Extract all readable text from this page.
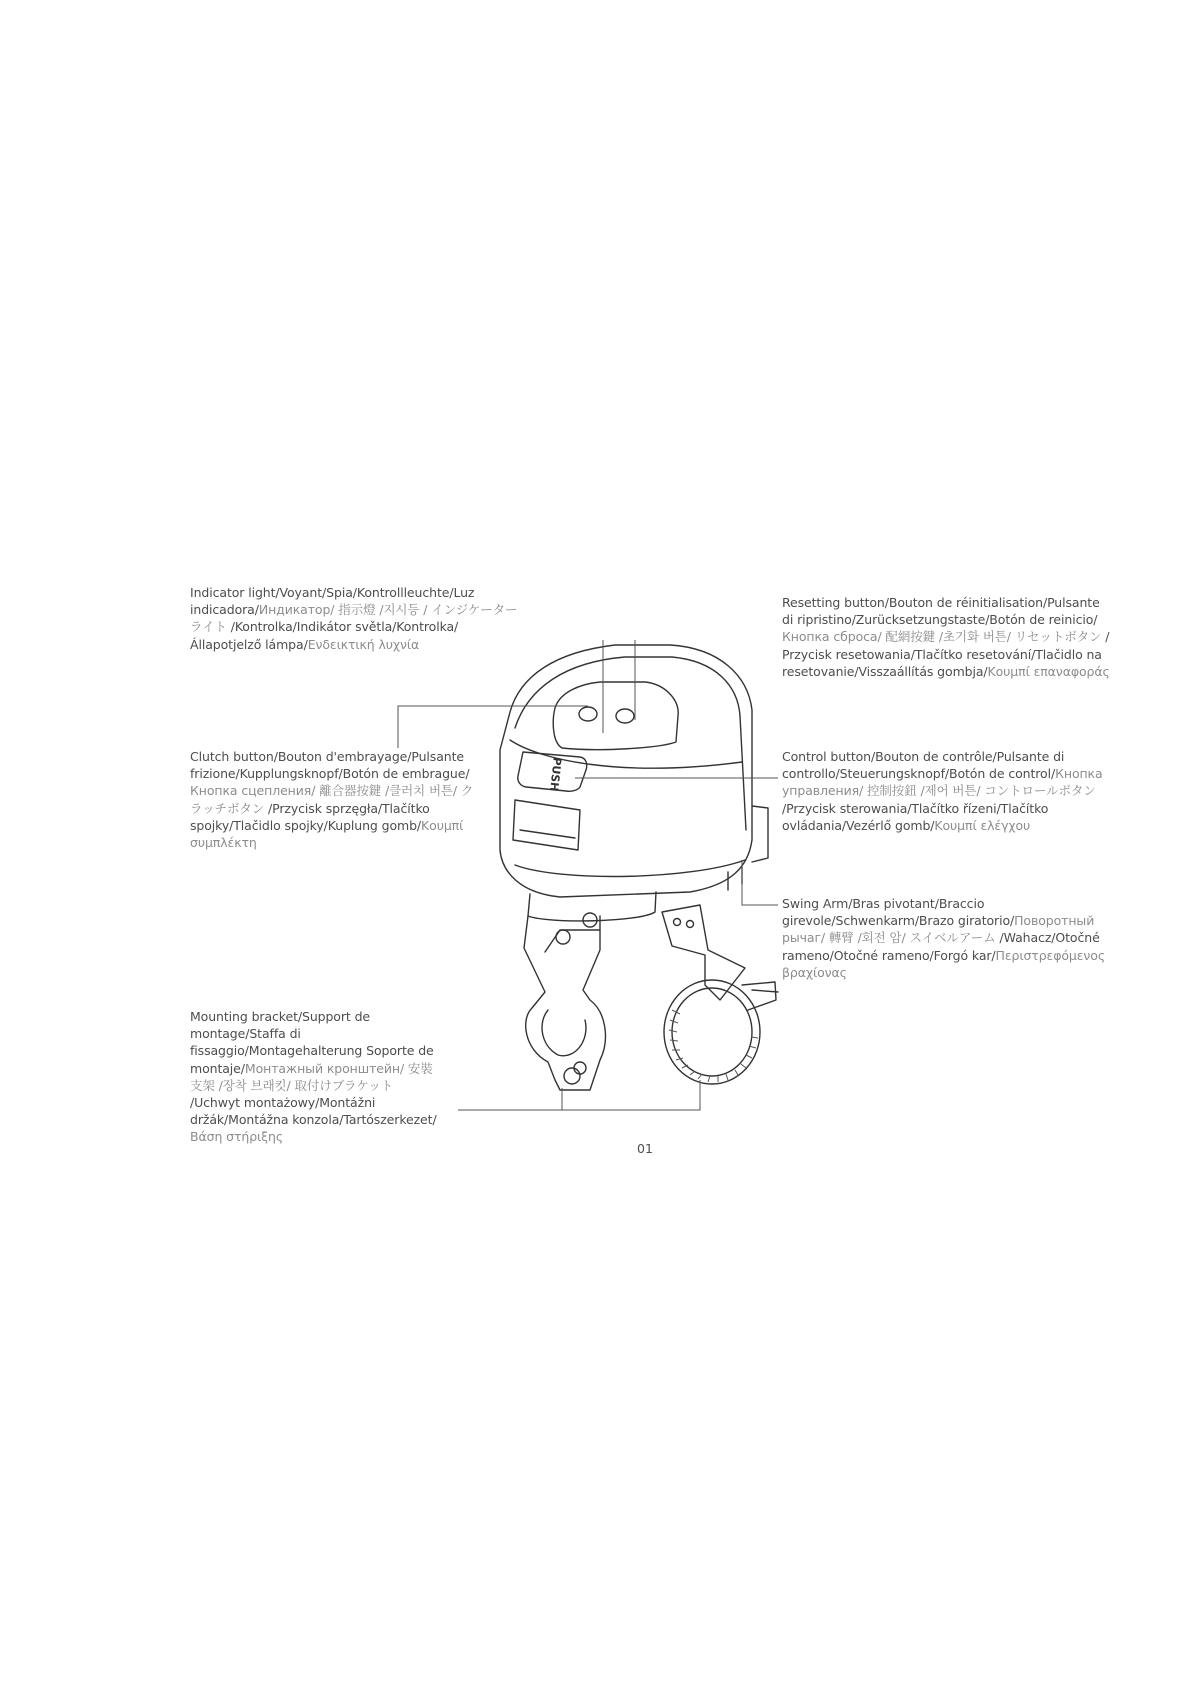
PUSH
Indicator light/Voyant/Spia/Kontrollleuchte/Luz indicadora/Индикатор/ 指示燈 /지시등 / インジケーターライト /Kontrolka/Indikátor světla/Kontrolka/Állapotjelző lámpa/Ενδεικτική λυχνία
Clutch button/Bouton d'embrayage/Pulsante frizione/Kupplungsknopf/Botón de embrague/Кнопка сцепления/ 離合器按鍵 /클러치 버튼/ クラッチボタン /Przycisk sprzęgła/Tlačítko spojky/Tlačidlo spojky/Kuplung gomb/Κουμπί συμπλέκτη
Mounting bracket/Support de montage/Staffa di fissaggio/Montagehalterung Soporte de montaje/Монтажный кронштейн/ 安裝支架 /장착 브래킷/ 取付けブラケット /Uchwyt montażowy/Montážni držák/Montážna konzola/Tartószerkezet/Βάση στήριξης
Resetting button/Bouton de réinitialisation/Pulsante di ripristino/Zurücksetzungstaste/Botón de reinicio/Кнопка сброса/ 配網按鍵 /초기화 버튼/ リセットボタン / Przycisk resetowania/Tlačítko resetování/Tlačidlo na resetovanie/Visszaállítás gombja/Κουμπί επαναφοράς
Control button/Bouton de contrôle/Pulsante di controllo/Steuerungsknopf/Botón de control/Кнопка управления/ 控制按鈕 /제어 버튼/ コントロールボタン /Przycisk sterowania/Tlačítko řízeni/Tlačítko ovládania/Vezérlő gomb/Κουμπί ελέγχου
Swing Arm/Bras pivotant/Braccio girevole/Schwenkarm/Brazo giratorio/Поворотный рычаг/ 轉臂 /회전 암/ スイベルアーム /Wahacz/Otočné rameno/Otočné rameno/Forgó kar/Περιστρεφόμενος βραχίονας
01
